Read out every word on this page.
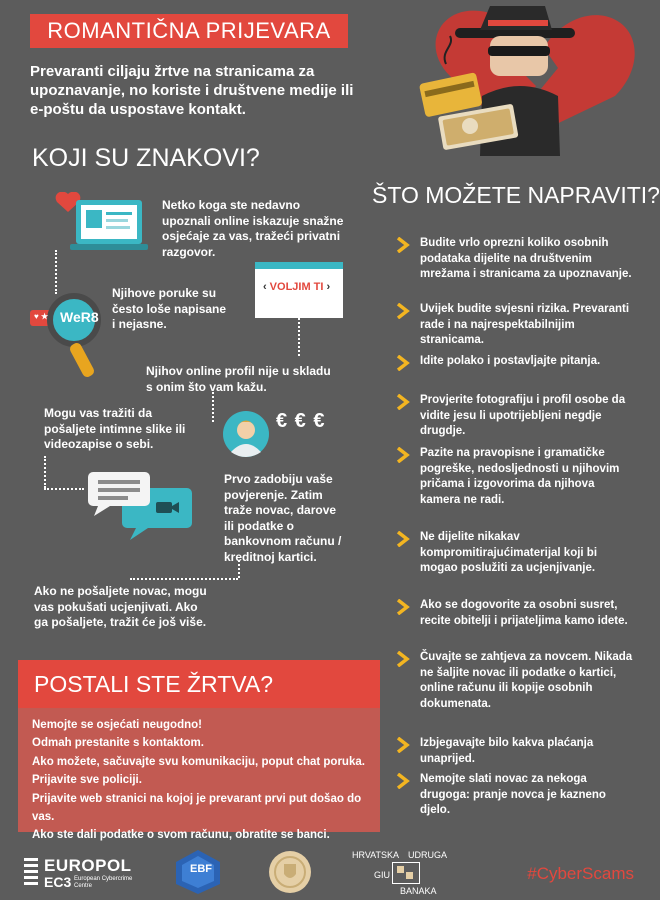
ROMANTIČNA PRIJEVARA
Prevaranti ciljaju žrtve na stranicama za upoznavanje, no koriste i društvene medije ili e-poštu da uspostave kontakt.
KOJI SU ZNAKOVI?
Netko koga ste nedavno upoznali online iskazuje snažne osjećaje za vas, tražeći privatni razgovor.
‹ VOLJIM TI ›
♥ ★ WeR8
Njihove poruke su često loše napisane i nejasne.
Njihov online profil nije u skladu s onim što vam kažu.
Mogu vas tražiti da pošaljete intimne slike ili videozapise o sebi.
€ € €
Prvo zadobiju vaše povjerenje. Zatim traže novac, darove ili podatke o bankovnom računu / kreditnoj kartici.
Ako ne pošaljete novac, mogu vas pokušati ucjenjivati. Ako ga pošaljete, tražit će još više.
ŠTO MOŽETE NAPRAVITI?
Budite vrlo oprezni koliko osobnih podataka dijelite na društvenim mrežama i stranicama za upoznavanje.
Uvijek budite svjesni rizika. Prevaranti rade i na najrespektabilnijim stranicama.
Idite polako i postavljajte pitanja.
Provjerite fotografiju i profil osobe da vidite jesu li upotrijebljeni negdje drugdje.
Pazite na pravopisne i gramatičke pogreške, nedosljednosti u njihovim pričama i izgovorima da njihova kamera ne radi.
Ne dijelite nikakav kompromitirajućimaterijal koji bi mogao poslužiti za ucjenjivanje.
Ako se dogovorite za osobni susret, recite obitelji i prijateljima kamo idete.
Čuvajte se zahtjeva za novcem. Nikada ne šaljite novac ili podatke o kartici, online računu ili kopije osobnih dokumenata.
Izbjegavajte bilo kakva plaćanja unaprijed.
Nemojte slati novac za nekoga drugoga: pranje novca je kazneno djelo.
POSTALI STE ŽRTVA?
Nemojte se osjećati neugodno!
Odmah prestanite s kontaktom.
Ako možete, sačuvajte svu komunikaciju, poput chat poruka.
Prijavite sve policiji.
Prijavite web stranici na kojoj je prevarant prvi put došao do vas.
Ako ste dali podatke o svom računu, obratite se banci.
EUROPOL
EC3 European Cybercrime Centre
EBF
HRVATSKA UDRUGA
GIU
BANAKA
#CyberScams
